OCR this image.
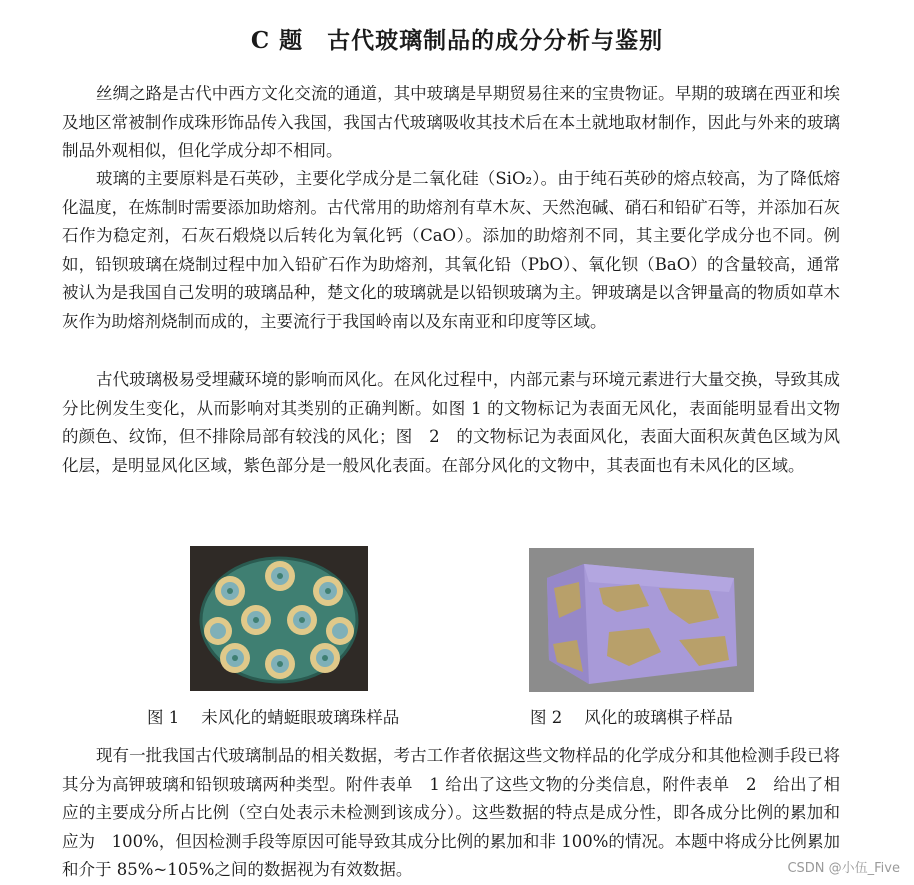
C 题　古代玻璃制品的成分分析与鉴别

丝绸之路是古代中西方文化交流的通道，其中玻璃是早期贸易往来的宝贵物证。早期的玻璃在西亚和埃及地区常被制作成珠形饰品传入我国，我国古代玻璃吸收其技术后在本土就地取材制作，因此与外来的玻璃制品外观相似，但化学成分却不相同。

玻璃的主要原料是石英砂，主要化学成分是二氧化硅（SiO₂）。由于纯石英砂的熔点较高，为了降低熔化温度，在炼制时需要添加助熔剂。古代常用的助熔剂有草木灰、天然泡碱、硝石和铅矿石等，并添加石灰石作为稳定剂，石灰石煅烧以后转化为氧化钙（CaO）。添加的助熔剂不同，其主要化学成分也不同。例如，铅钡玻璃在烧制过程中加入铅矿石作为助熔剂，其氧化铅（PbO）、氧化钡（BaO）的含量较高，通常被认为是我国自己发明的玻璃品种，楚文化的玻璃就是以铅钡玻璃为主。钾玻璃是以含钾量高的物质如草木灰作为助熔剂烧制而成的，主要流行于我国岭南以及东南亚和印度等区域。

古代玻璃极易受埋藏环境的影响而风化。在风化过程中，内部元素与环境元素进行大量交换，导致其成分比例发生变化，从而影响对其类别的正确判断。如图 1 的文物标记为表面无风化，表面能明显看出文物的颜色、纹饰，但不排除局部有较浅的风化；图　2　的文物标记为表面风化，表面大面积灰黄色区域为风化层，是明显风化区域，紫色部分是一般风化表面。在部分风化的文物中，其表面也有未风化的区域。

图 1 未风化的蜻蜓眼玻璃珠样品	图 2 风化的玻璃棋子样品

现有一批我国古代玻璃制品的相关数据，考古工作者依据这些文物样品的化学成分和其他检测手段已将其分为高钾玻璃和铅钡玻璃两种类型。附件表单　1 给出了这些文物的分类信息，附件表单　2　给出了相应的主要成分所占比例（空白处表示未检测到该成分）。这些数据的特点是成分性，即各成分比例的累加和应为　100%，但因检测手段等原因可能导致其成分比例的累加和非 100%的情况。本题中将成分比例累加和介于 85%~105%之间的数据视为有效数据。	CSDN @小伍_Five
